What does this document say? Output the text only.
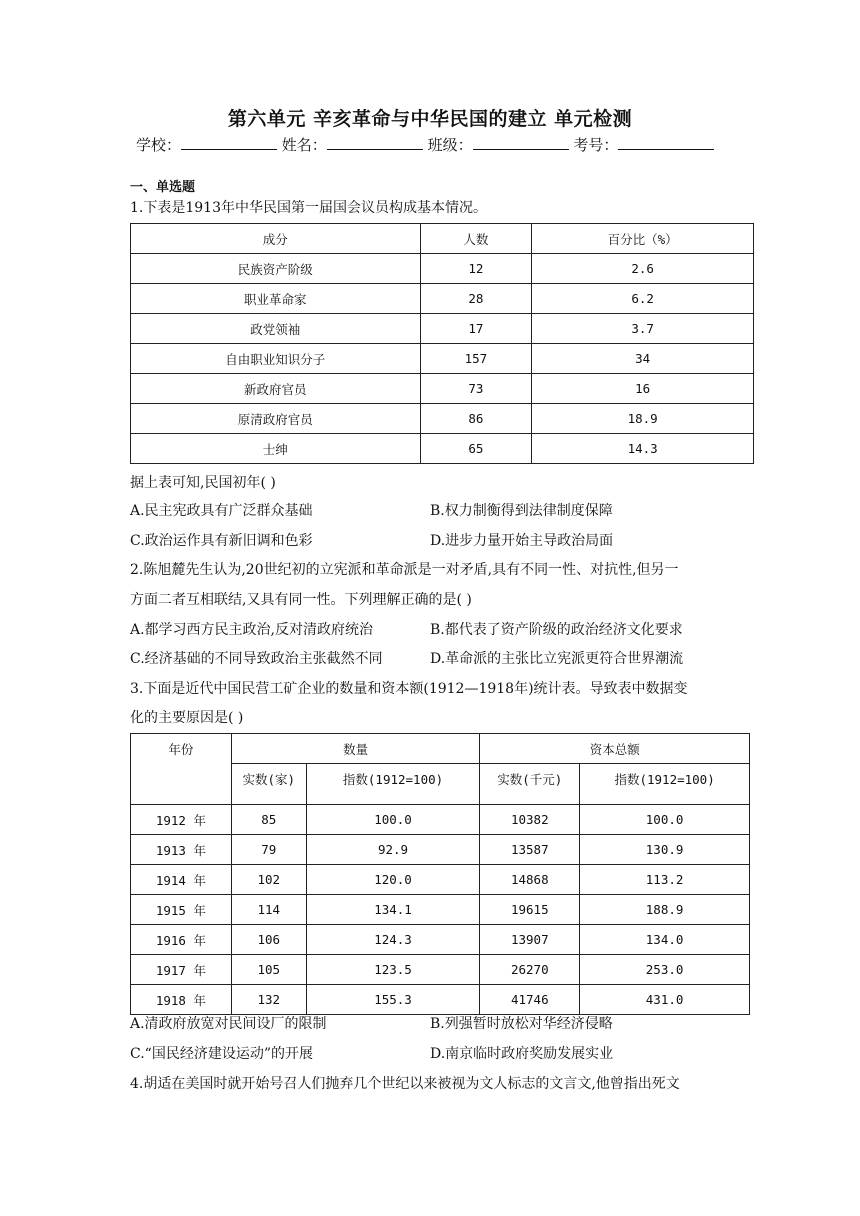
第六单元 辛亥革命与中华民国的建立 单元检测
学校：	姓名：	班级：	考号：
一、单选题
1.下表是1913年中华民国第一届国会议员构成基本情况。
成分	人数	百分比（%）
民族资产阶级	12	2.6
职业革命家	28	6.2
政党领袖	17	3.7
自由职业知识分子	157	34
新政府官员	73	16
原清政府官员	86	18.9
士绅	65	14.3
据上表可知,民国初年( )
A.民主宪政具有广泛群众基础	B.权力制衡得到法律制度保障
C.政治运作具有新旧调和色彩	D.进步力量开始主导政治局面
2.陈旭麓先生认为,20世纪初的立宪派和革命派是一对矛盾,具有不同一性、对抗性,但另一
方面二者互相联结,又具有同一性。下列理解正确的是( )
A.都学习西方民主政治,反对清政府统治	B.都代表了资产阶级的政治经济文化要求
C.经济基础的不同导致政治主张截然不同	D.革命派的主张比立宪派更符合世界潮流
3.下面是近代中国民营工矿企业的数量和资本额(1912—1918年)统计表。导致表中数据变
化的主要原因是( )
年份	数量		资本总额	
	实数(家)	指数(1912=100)	实数(千元)	指数(1912=100)
1912 年	85	100.0	10382	100.0
1913 年	79	92.9	13587	130.9
1914 年	102	120.0	14868	113.2
1915 年	114	134.1	19615	188.9
1916 年	106	124.3	13907	134.0
1917 年	105	123.5	26270	253.0
1918 年	132	155.3	41746	431.0
A.清政府放宽对民间设厂的限制	B.列强暂时放松对华经济侵略
C.“国民经济建设运动”的开展	D.南京临时政府奖励发展实业
4.胡适在美国时就开始号召人们抛弃几个世纪以来被视为文人标志的文言文,他曾指出死文
